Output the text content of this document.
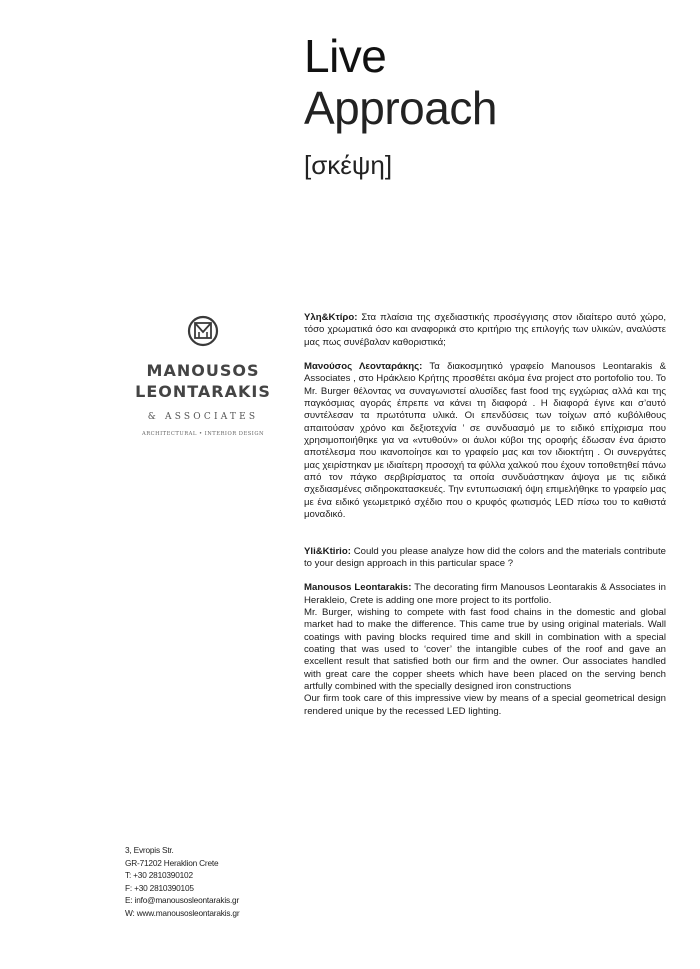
Live
Approach
[σκέψη]
MANOUSOS
LEONTARAKIS
& ASSOCIATES
ARCHITECTURAL • INTERIOR DESIGN

Υλη&Κτίρο: Στα πλαίσια της σχεδιαστικής προσέγγισης στον ιδιαίτερο αυτό χώρο, τόσο χρωματικά όσο και αναφορικά στο κριτήριο της επιλογής των υλικών, αναλύστε μας πως συνέβαλαν καθοριστικά;

Μανούσος Λεονταράκης: Τα διακοσμητικό γραφείο Manousos Leontarakis & Associates , στο Ηράκλειο Κρήτης προσθέτει ακόμα ένα project στο portofolio του. Το Mr. Burger θέλοντας να συναγωνιστεί αλυσίδες fast food της εγχώριας αλλά και της παγκόσμιας αγοράς έπρεπε να κάνει τη διαφορά . Η διαφορά έγινε και σ’αυτό συντέλεσαν τα πρωτότυπα υλικά. Οι επενδύσεις των τοίχων από κυβόλιθους απαιτούσαν χρόνο και δεξιοτεχνία ’ σε συνδυασμό με το ειδικό επίχρισμα που χρησιμοποιήθηκε για να «ντυθούν» οι άυλοι κύβοι της οροφής έδωσαν ένα άριστο αποτέλεσμα που ικανοποίησε και το γραφείο μας και τον ιδιοκτήτη . Οι συνεργάτες μας χειρίστηκαν με ιδιαίτερη προσοχή τα φύλλα χαλκού που έχουν τοποθετηθεί πάνω από τον πάγκο σερβιρίσματος τα οποία συνδυάστηκαν άψογα με τις ειδικά σχεδιασμένες σιδηροκατασκευές. Την εντυπωσιακή όψη επιμελήθηκε το γραφείο μας με ένα ειδικό γεωμετρικό σχέδιο που ο κρυφός φωτισμός LED πίσω του το καθιστά μοναδικό.

Yli&Ktirio: Could you please analyze how did the colors and the materials contribute to your design approach in this particular space ?

Manousos Leontarakis: The decorating firm Manousos Leontarakis & Associates in Herakleio, Crete is adding one more project to its portfolio.

Mr. Burger, wishing to compete with fast food chains in the domestic and global market had to make the difference. This came true by using original materials. Wall coatings with paving blocks required time and skill in combination with a special coating that was used to ‘cover’ the intangible cubes of the roof and gave an excellent result that satisfied both our firm and the owner. Our associates handled with great care the copper sheets which have been placed on the serving bench artfully combined with the specially designed iron constructions

Our firm took care of this impressive view by means of a special geometrical design rendered unique by the recessed LED lighting.

3, Evropis Str.
GR-71202 Heraklion Crete
T: +30 2810390102
F: +30 2810390105
E: info@manousosleontarakis.gr
W: www.manousosleontarakis.gr
